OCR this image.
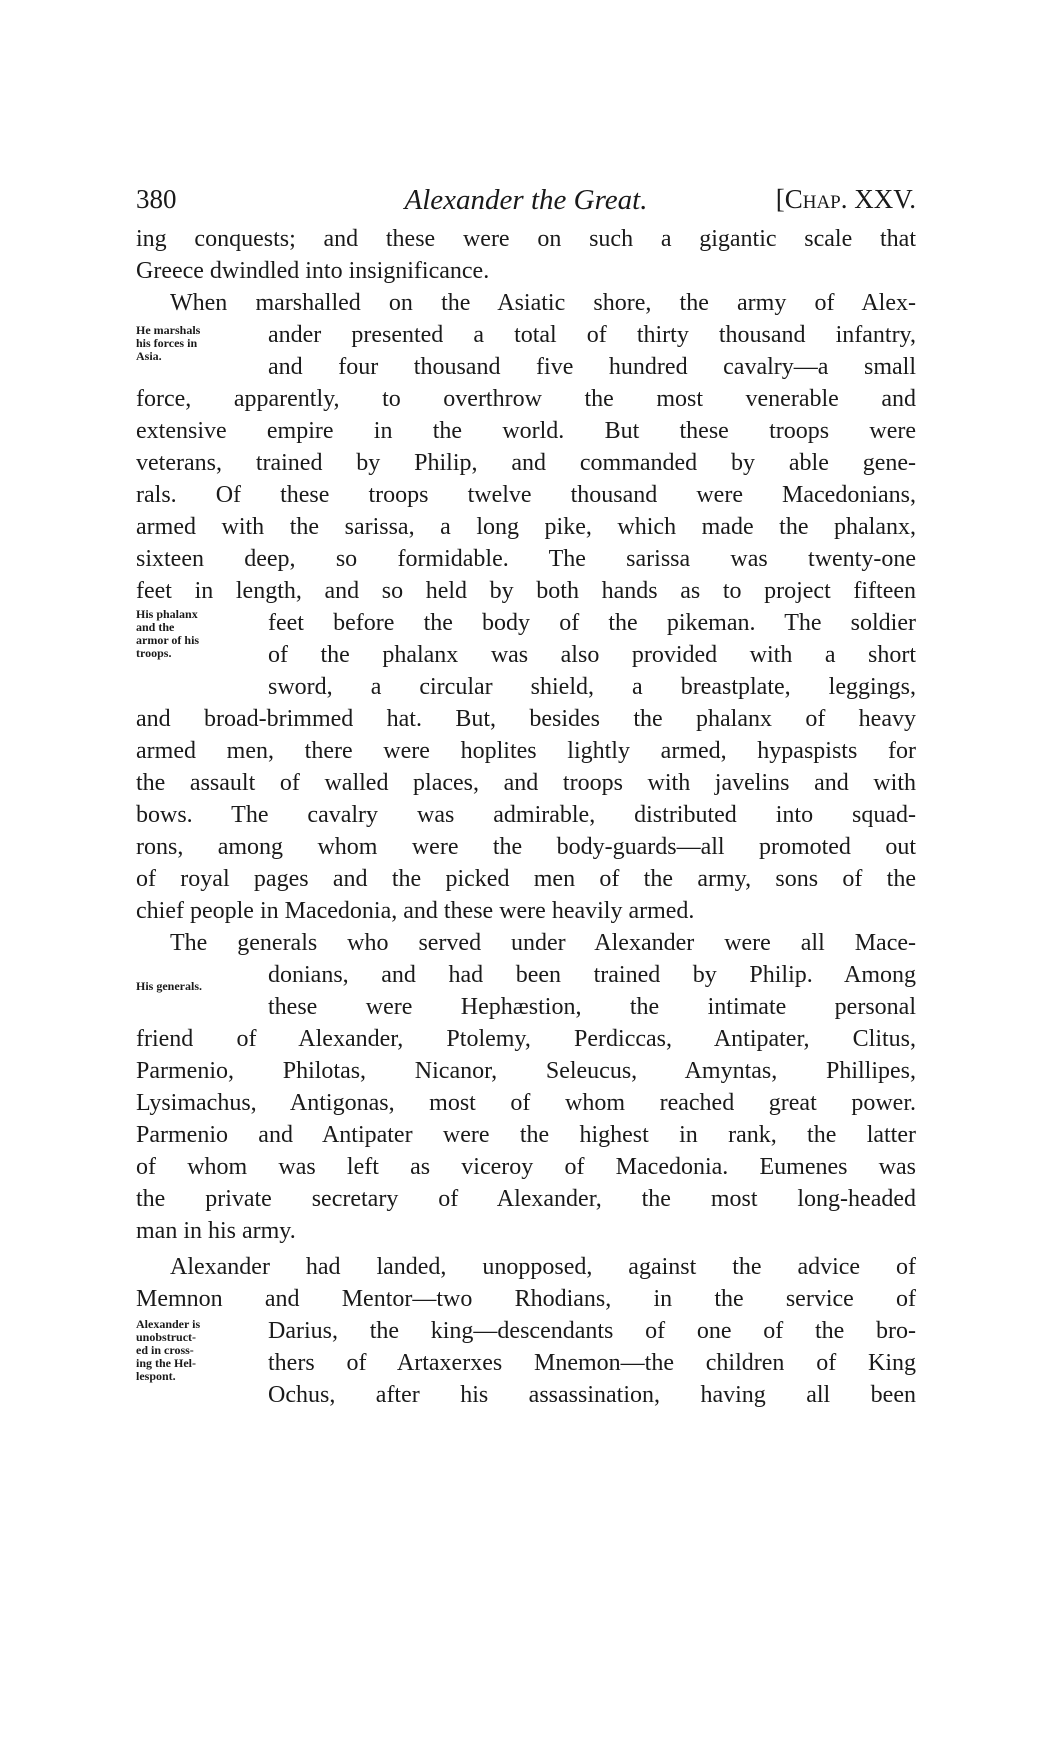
380	Alexander the Great.	[Chap. XXV.
ing conquests; and these were on such a gigantic scale that
Greece dwindled into insignificance.
When marshalled on the Asiatic shore, the army of Alex-
ander presented a total of thirty thousand infantry,
and four thousand five hundred cavalry—a small
force, apparently, to overthrow the most venerable and
extensive empire in the world. But these troops were
veterans, trained by Philip, and commanded by able gene-
rals. Of these troops twelve thousand were Macedonians,
armed with the sarissa, a long pike, which made the phalanx,
sixteen deep, so formidable. The sarissa was twenty-one
feet in length, and so held by both hands as to project fifteen
feet before the body of the pikeman. The soldier
of the phalanx was also provided with a short
sword, a circular shield, a breastplate, leggings,
and broad-brimmed hat. But, besides the phalanx of heavy
armed men, there were hoplites lightly armed, hypaspists for
the assault of walled places, and troops with javelins and with
bows. The cavalry was admirable, distributed into squad-
rons, among whom were the body-guards—all promoted out
of royal pages and the picked men of the army, sons of the
chief people in Macedonia, and these were heavily armed.
The generals who served under Alexander were all Mace-
donians, and had been trained by Philip. Among
these were Hephæstion, the intimate personal
friend of Alexander, Ptolemy, Perdiccas, Antipater, Clitus,
Parmenio, Philotas, Nicanor, Seleucus, Amyntas, Phillipes,
Lysimachus, Antigonas, most of whom reached great power.
Parmenio and Antipater were the highest in rank, the latter
of whom was left as viceroy of Macedonia. Eumenes was
the private secretary of Alexander, the most long-headed
man in his army.
Alexander had landed, unopposed, against the advice of
Memnon and Mentor—two Rhodians, in the service of
Darius, the king—descendants of one of the bro-
thers of Artaxerxes Mnemon—the children of King
Ochus, after his assassination, having all been
He marshals
his forces in
Asia.
His phalanx
and the
armor of his
troops.
His generals.
Alexander is
unobstruct-
ed in cross-
ing the Hel-
lespont.
